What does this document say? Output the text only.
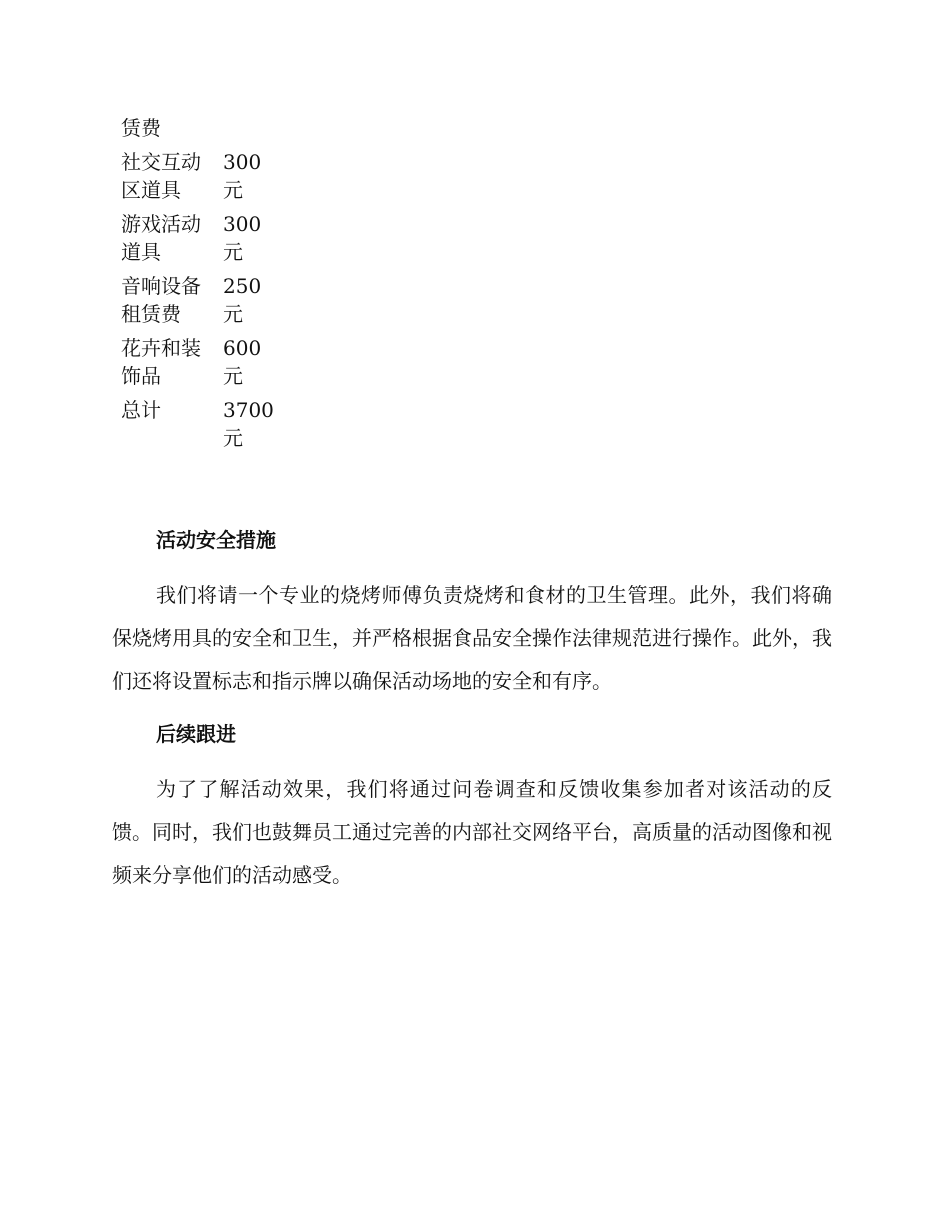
赁费	
社交互动区道具	300 元
游戏活动道具	300 元
音响设备租赁费	250 元
花卉和装饰品	600 元
总计	3700 元
活动安全措施

我们将请一个专业的烧烤师傅负责烧烤和食材的卫生管理。此外，我们将确保烧烤用具的安全和卫生，并严格根据食品安全操作法律规范进行操作。此外，我们还将设置标志和指示牌以确保活动场地的安全和有序。

后续跟进

为了了解活动效果，我们将通过问卷调查和反馈收集参加者对该活动的反馈。同时，我们也鼓舞员工通过完善的内部社交网络平台，高质量的活动图像和视频来分享他们的活动感受。
